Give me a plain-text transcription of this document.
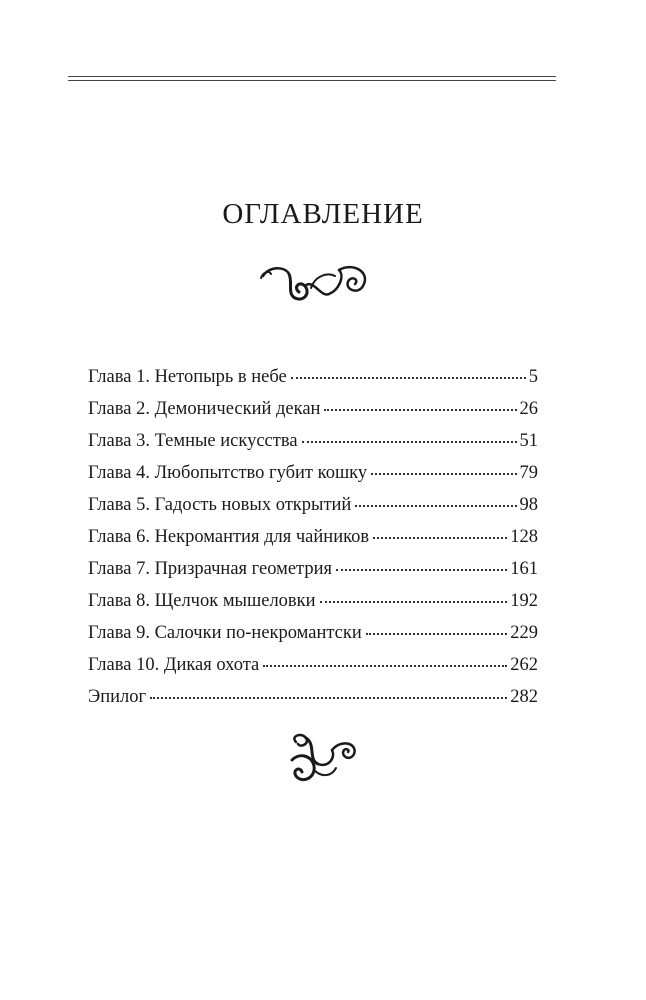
ОГЛАВЛЕНИЕ
Глава 1. Нетопырь в небе	5
Глава 2. Демонический декан	26
Глава 3. Темные искусства	51
Глава 4. Любопытство губит кошку	79
Глава 5. Гадость новых открытий	98
Глава 6. Некромантия для чайников	128
Глава 7. Призрачная геометрия	161
Глава 8. Щелчок мышеловки	192
Глава 9. Салочки по-некромантски	229
Глава 10. Дикая охота	262
Эпилог	282
